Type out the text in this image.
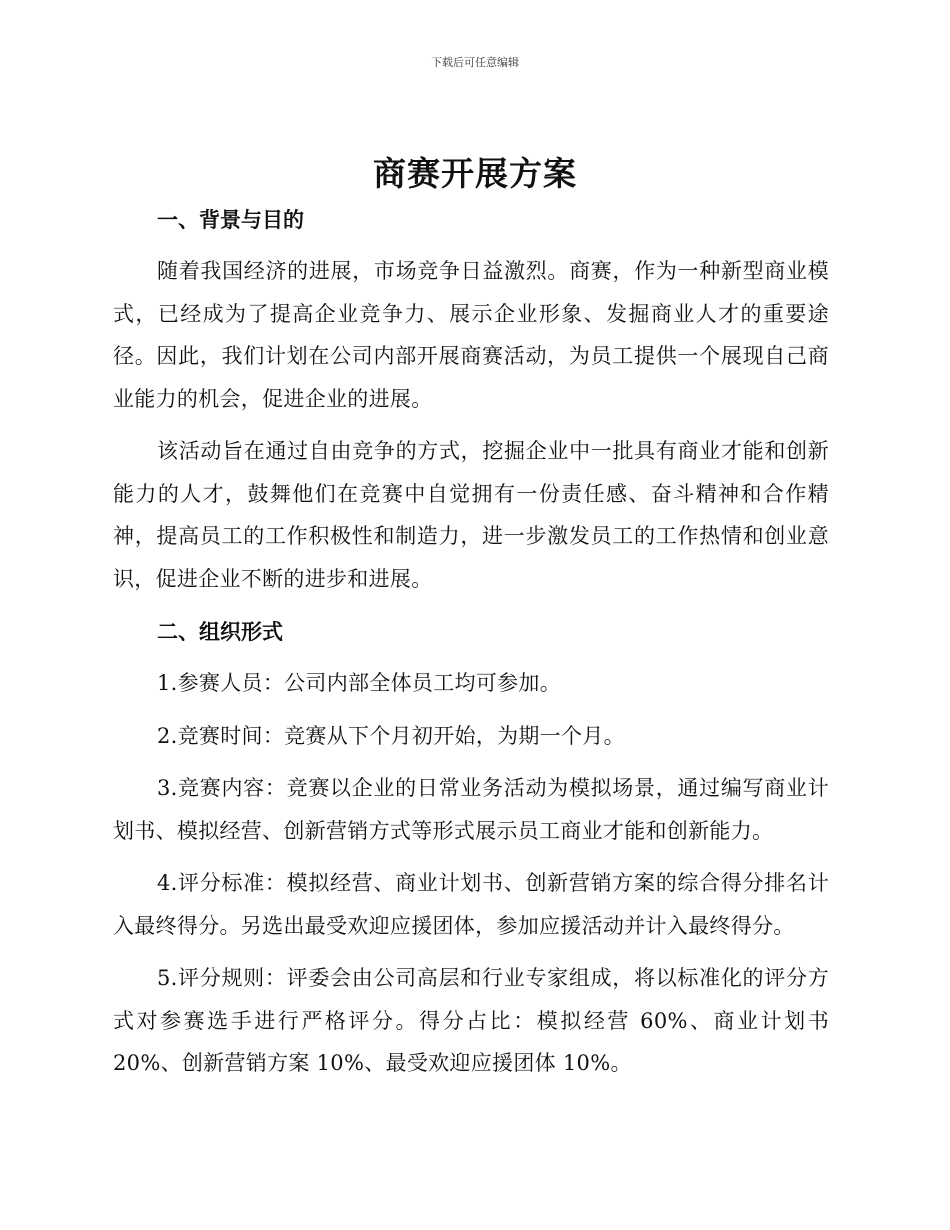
下载后可任意编辑
商赛开展方案
一、背景与目的

随着我国经济的进展，市场竞争日益激烈。商赛，作为一种新型商业模式，已经成为了提高企业竞争力、展示企业形象、发掘商业人才的重要途径。因此，我们计划在公司内部开展商赛活动，为员工提供一个展现自己商业能力的机会，促进企业的进展。

该活动旨在通过自由竞争的方式，挖掘企业中一批具有商业才能和创新能力的人才，鼓舞他们在竞赛中自觉拥有一份责任感、奋斗精神和合作精神，提高员工的工作积极性和制造力，进一步激发员工的工作热情和创业意识，促进企业不断的进步和进展。

二、组织形式

1.参赛人员：公司内部全体员工均可参加。

2.竞赛时间：竞赛从下个月初开始，为期一个月。

3.竞赛内容：竞赛以企业的日常业务活动为模拟场景，通过编写商业计划书、模拟经营、创新营销方式等形式展示员工商业才能和创新能力。

4.评分标准：模拟经营、商业计划书、创新营销方案的综合得分排名计入最终得分。另选出最受欢迎应援团体，参加应援活动并计入最终得分。

5.评分规则：评委会由公司高层和行业专家组成，将以标准化的评分方式对参赛选手进行严格评分。得分占比：模拟经营 60%、商业计划书 20%、创新营销方案 10%、最受欢迎应援团体 10%。
